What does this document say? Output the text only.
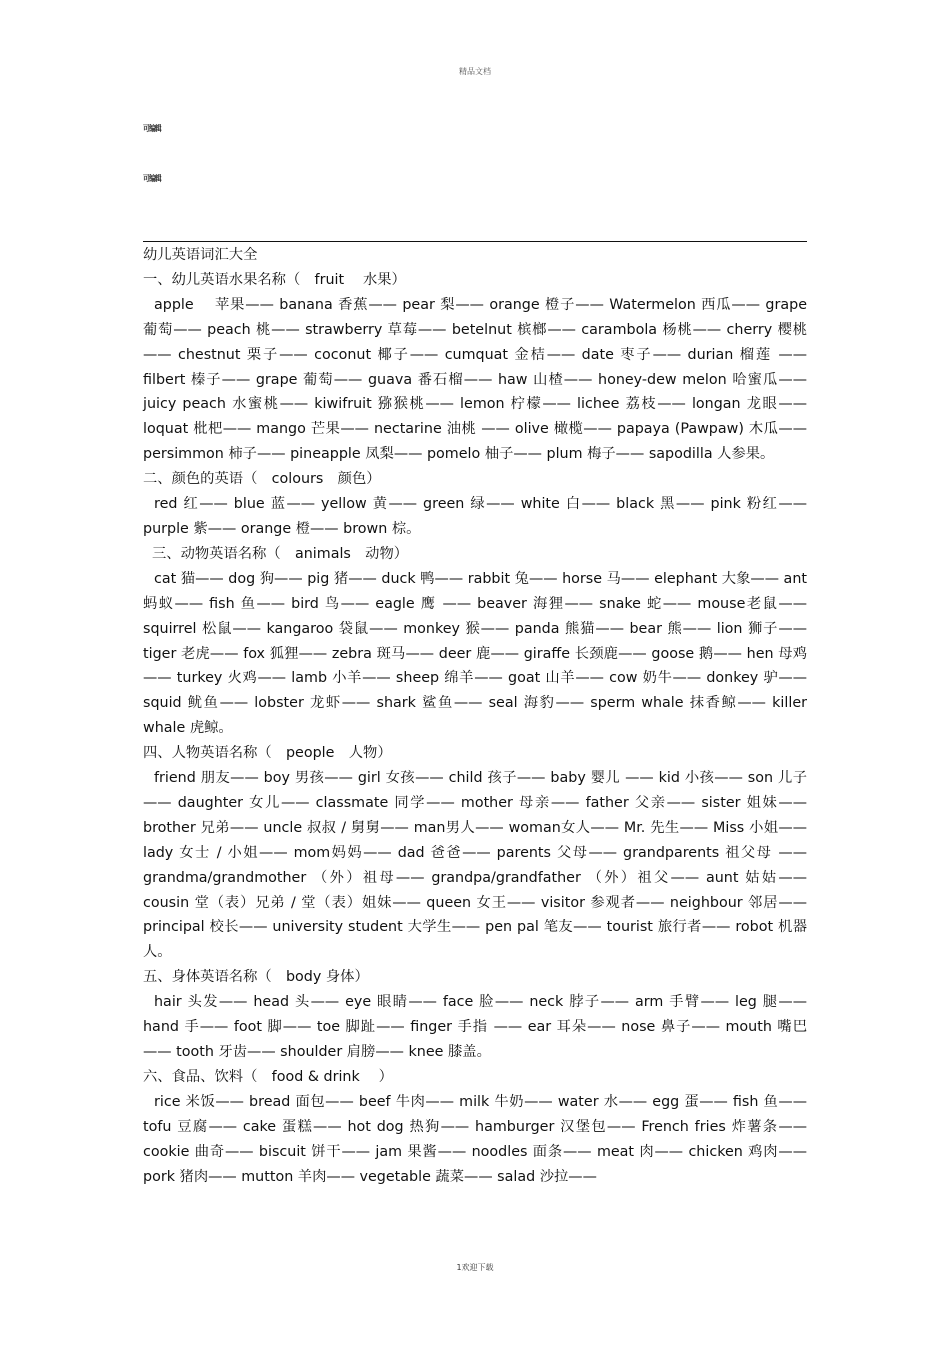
精品文档
可编辑
可编辑

幼儿英语词汇大全

一、幼儿英语水果名称（　fruit　 水果）

apple　 苹果—— banana 香蕉—— pear 梨—— orange 橙子—— Watermelon 西瓜—— grape 葡萄—— peach 桃—— strawberry 草莓—— betelnut 槟榔—— carambola 杨桃—— cherry 樱桃—— chestnut 栗子—— coconut 椰子—— cumquat 金桔—— date 枣子—— durian 榴莲 —— filbert 榛子—— grape 葡萄—— guava 番石榴—— haw 山楂—— honey-dew melon 哈蜜瓜—— juicy peach 水蜜桃—— kiwifruit 猕猴桃—— lemon 柠檬—— lichee 荔枝—— longan 龙眼—— loquat 枇杷—— mango 芒果—— nectarine 油桃 —— olive 橄榄—— papaya (Pawpaw) 木瓜—— persimmon 柿子—— pineapple 凤梨—— pomelo 柚子—— plum 梅子—— sapodilla 人参果。

二、颜色的英语（　colours　颜色）

red 红—— blue 蓝—— yellow 黄—— green 绿—— white 白—— black 黑—— pink 粉红—— purple 紫—— orange 橙—— brown 棕。

三、动物英语名称（　animals　动物）

cat 猫—— dog 狗—— pig 猪—— duck 鸭—— rabbit 兔—— horse 马—— elephant 大象—— ant 蚂蚁—— fish 鱼—— bird 鸟—— eagle 鹰 —— beaver 海狸—— snake 蛇—— mouse老鼠—— squirrel 松鼠—— kangaroo 袋鼠—— monkey 猴—— panda 熊猫—— bear 熊—— lion 狮子—— tiger 老虎—— fox 狐狸—— zebra 斑马—— deer 鹿—— giraffe 长颈鹿—— goose 鹅—— hen 母鸡—— turkey 火鸡—— lamb 小羊—— sheep 绵羊—— goat 山羊—— cow 奶牛—— donkey 驴—— squid 鱿鱼—— lobster 龙虾—— shark 鲨鱼—— seal 海豹—— sperm whale 抹香鲸—— killer whale 虎鲸。

四、人物英语名称（　people　人物）

friend 朋友—— boy 男孩—— girl 女孩—— child 孩子—— baby 婴儿 —— kid 小孩—— son 儿子—— daughter 女儿—— classmate 同学—— mother 母亲—— father 父亲—— sister 姐妹—— brother 兄弟—— uncle 叔叔 / 舅舅—— man男人—— woman女人—— Mr. 先生—— Miss 小姐—— lady 女士 / 小姐—— mom妈妈—— dad 爸爸—— parents 父母—— grandparents 祖父母 —— grandma/grandmother （外）祖母—— grandpa/grandfather （外）祖父—— aunt 姑姑—— cousin 堂（表）兄弟 / 堂（表）姐妹—— queen 女王—— visitor 参观者—— neighbour 邻居—— principal 校长—— university student 大学生—— pen pal 笔友—— tourist 旅行者—— robot 机器人。

五、身体英语名称（　body 身体）

hair 头发—— head 头—— eye 眼睛—— face 脸—— neck 脖子—— arm 手臂—— leg 腿—— hand 手—— foot 脚—— toe 脚趾—— finger 手指 —— ear 耳朵—— nose 鼻子—— mouth 嘴巴—— tooth 牙齿—— shoulder 肩膀—— knee 膝盖。

六、食品、饮料（　food & drink　 ）

rice 米饭—— bread 面包—— beef 牛肉—— milk 牛奶—— water 水—— egg 蛋—— fish 鱼—— tofu 豆腐—— cake 蛋糕—— hot dog 热狗—— hamburger 汉堡包—— French fries 炸薯条—— cookie 曲奇—— biscuit 饼干—— jam 果酱—— noodles 面条—— meat 肉—— chicken 鸡肉—— pork 猪肉—— mutton 羊肉—— vegetable 蔬菜—— salad 沙拉——

1欢迎下载
